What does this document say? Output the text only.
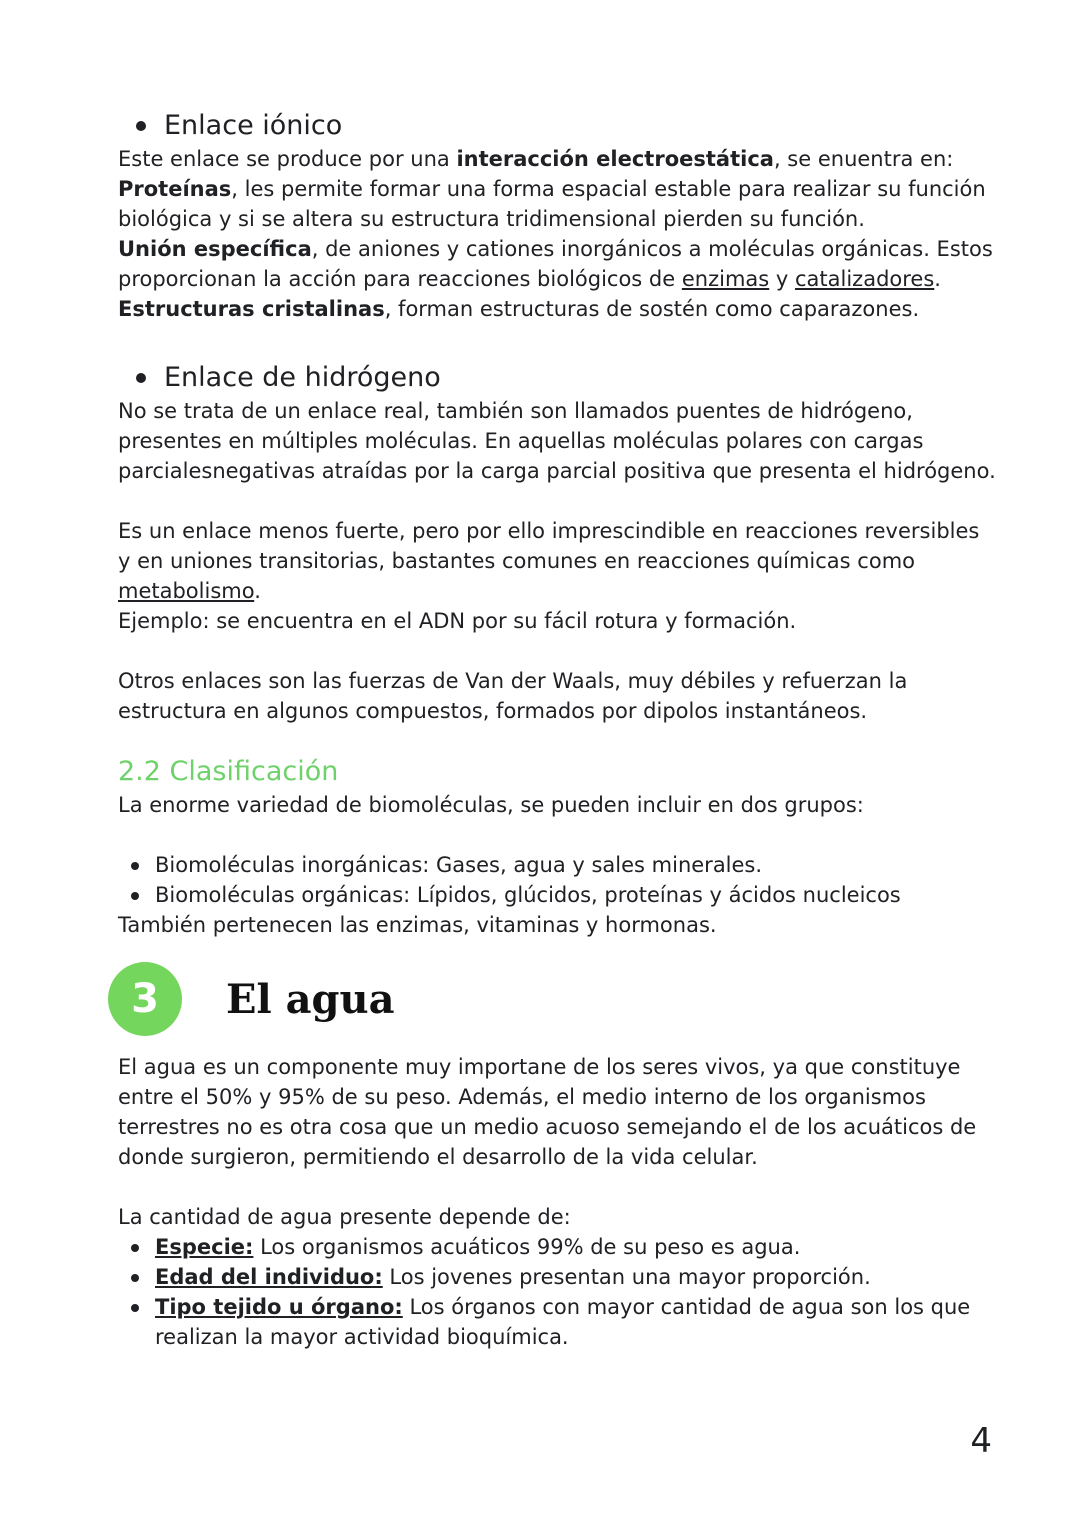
Enlace iónico

Este enlace se produce por una interacción electroestática, se enuentra en:

Proteínas, les permite formar una forma espacial estable para realizar su función biológica y si se altera su estructura tridimensional pierden su función.

Unión específica, de aniones y cationes inorgánicos a moléculas orgánicas. Estos proporcionan la acción para reacciones biológicos de enzimas y catalizadores.

Estructuras cristalinas, forman estructuras de sostén como caparazones.

Enlace de hidrógeno

No se trata de un enlace real, también son llamados puentes de hidrógeno, presentes en múltiples moléculas. En aquellas moléculas polares con cargas parcialesnegativas atraídas por la carga parcial positiva que presenta el hidrógeno.

Es un enlace menos fuerte, pero por ello imprescindible en reacciones reversibles y en uniones transitorias, bastantes comunes en reacciones químicas como metabolismo.

Ejemplo: se encuentra en el ADN por su fácil rotura y formación.

Otros enlaces son las fuerzas de Van der Waals, muy débiles y refuerzan la estructura en algunos compuestos, formados por dipolos instantáneos.

2.2 Clasificación

La enorme variedad de biomoléculas, se pueden incluir en dos grupos:

Biomoléculas inorgánicas: Gases, agua y sales minerales.
Biomoléculas orgánicas: Lípidos, glúcidos, proteínas y ácidos nucleicos

También pertenecen las enzimas, vitaminas y hormonas.

3	El agua

El agua es un componente muy importane de los seres vivos, ya que constituye entre el 50% y 95% de su peso. Además, el medio interno de los organismos terrestres no es otra cosa que un medio acuoso semejando el de los acuáticos de donde surgieron, permitiendo el desarrollo de la vida celular.

La cantidad de agua presente depende de:

Especie: Los organismos acuáticos 99% de su peso es agua.
Edad del individuo: Los jovenes presentan una mayor proporción.
Tipo tejido u órgano: Los órganos con mayor cantidad de agua son los que realizan la mayor actividad bioquímica.
4
